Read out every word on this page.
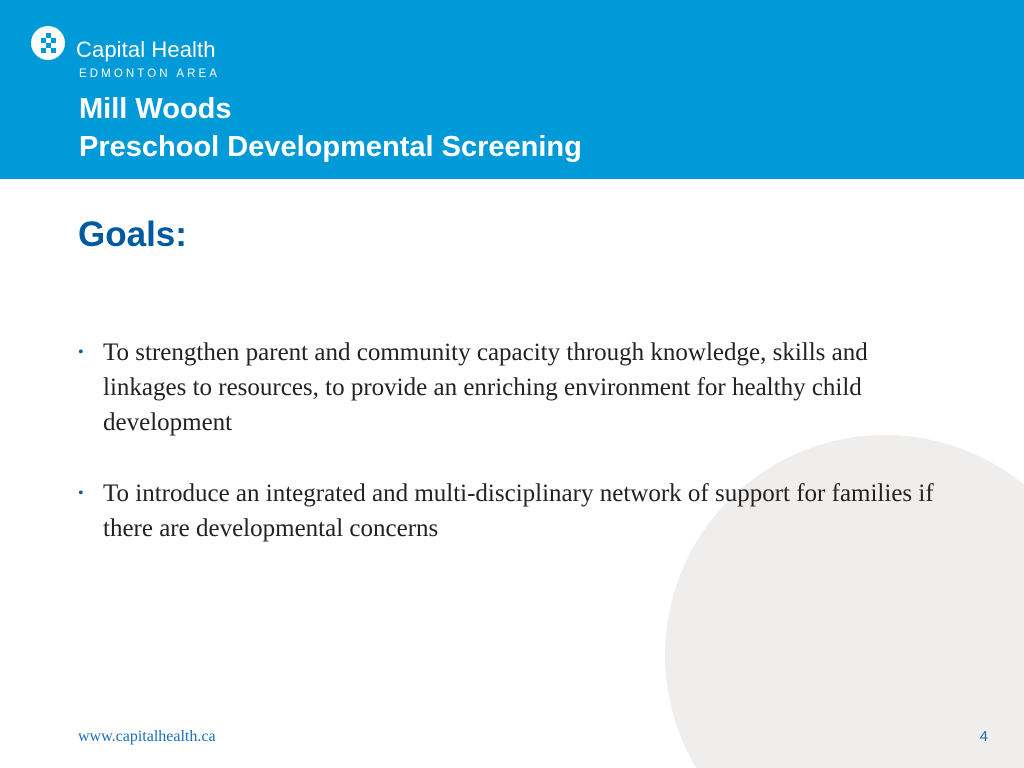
Capital Health
EDMONTON AREA
Mill Woods
Preschool Developmental Screening
Goals:
• To strengthen parent and community capacity through knowledge, skills and linkages to resources, to provide an enriching environment for healthy child development
• To introduce an integrated and multi-disciplinary network of support for families if there are developmental concerns
www.capitalhealth.ca	4
